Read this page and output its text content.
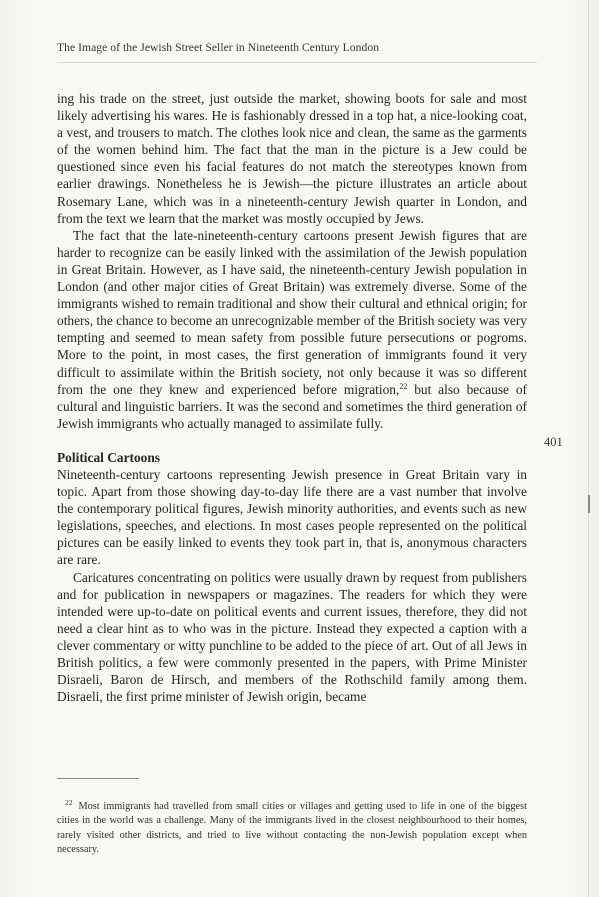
The Image of the Jewish Street Seller in Nineteenth Century London

ing his trade on the street, just outside the market, showing boots for sale and most likely advertising his wares. He is fashionably dressed in a top hat, a nice-looking coat, a vest, and trousers to match. The clothes look nice and clean, the same as the garments of the women behind him. The fact that the man in the picture is a Jew could be questioned since even his facial features do not match the stereotypes known from earlier drawings. Nonetheless he is Jewish—the picture illustrates an article about Rosemary Lane, which was in a nineteenth-century Jewish quarter in London, and from the text we learn that the market was mostly occupied by Jews.

The fact that the late-nineteenth-century cartoons present Jewish figures that are harder to recognize can be easily linked with the assimilation of the Jewish population in Great Britain. However, as I have said, the nineteenth-century Jewish population in London (and other major cities of Great Britain) was extremely diverse. Some of the immigrants wished to remain traditional and show their cultural and ethnical origin; for others, the chance to become an unrecognizable member of the British society was very tempting and seemed to mean safety from possible future persecutions or pogroms. More to the point, in most cases, the first generation of immigrants found it very difficult to assimilate within the British society, not only because it was so different from the one they knew and experienced before migration,$^{22}$ but also because of cultural and linguistic barriers. It was the second and sometimes the third generation of Jewish immigrants who actually managed to assimilate fully.

Political Cartoons

Nineteenth-century cartoons representing Jewish presence in Great Britain vary in topic. Apart from those showing day-to-day life there are a vast number that involve the contemporary political figures, Jewish minority authorities, and events such as new legislations, speeches, and elections. In most cases people represented on the political pictures can be easily linked to events they took part in, that is, anonymous characters are rare.

Caricatures concentrating on politics were usually drawn by request from publishers and for publication in newspapers or magazines. The readers for which they were intended were up-to-date on political events and current issues, therefore, they did not need a clear hint as to who was in the picture. Instead they expected a caption with a clever commentary or witty punchline to be added to the piece of art. Out of all Jews in British politics, a few were commonly presented in the papers, with Prime Minister Disraeli, Baron de Hirsch, and members of the Rothschild family among them. Disraeli, the first prime minister of Jewish origin, became

401
$^{22}$ Most immigrants had travelled from small cities or villages and getting used to life in one of the biggest cities in the world was a challenge. Many of the immigrants lived in the closest neighbourhood to their homes, rarely visited other districts, and tried to live without contacting the non-Jewish population except when necessary.
